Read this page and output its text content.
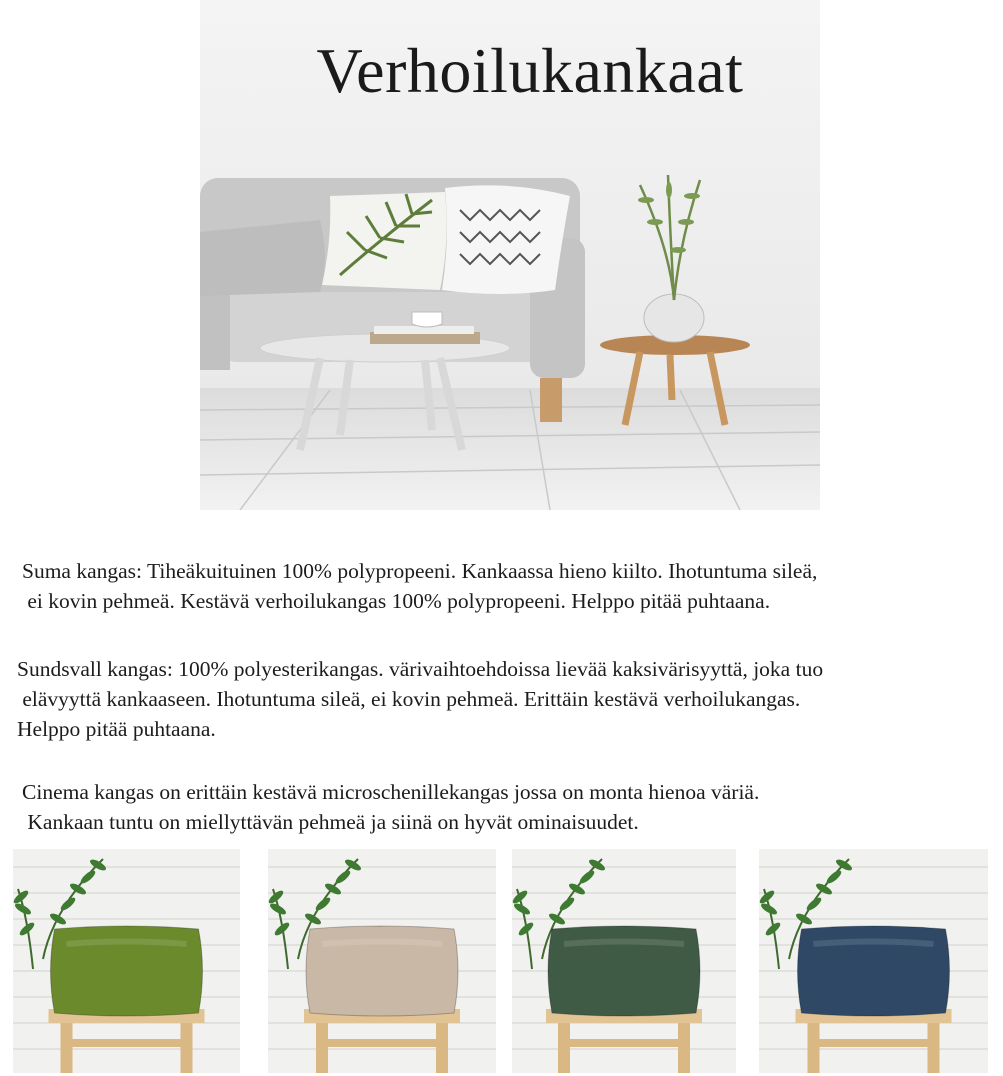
Verhoilukankaat
Suma kangas: Tiheäkuituinen 100% polypropeeni. Kankaassa hieno kiilto. Ihotuntuma sileä,
ei kovin pehmeä. Kestävä verhoilukangas 100% polypropeeni. Helppo pitää puhtaana.
Sundsvall kangas: 100% polyesterikangas. värivaihtoehdoissa lievää kaksivärisyyttä, joka tuo
elävyyttä kankaaseen. Ihotuntuma sileä, ei kovin pehmeä. Erittäin kestävä verhoilukangas.
Helppo pitää puhtaana.
Cinema kangas on erittäin kestävä microschenillekangas jossa on monta hienoa väriä.
Kankaan tuntu on miellyttävän pehmeä ja siinä on hyvät ominaisuudet.
